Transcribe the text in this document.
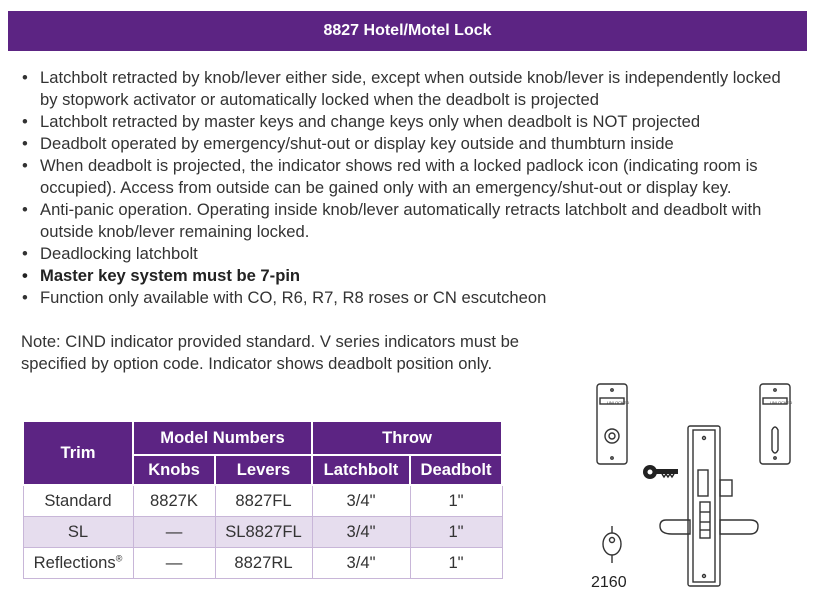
8827 Hotel/Motel Lock
• Latchbolt retracted by knob/lever either side, except when outside knob/lever is independently locked by stopwork activator or automatically locked when the deadbolt is projected
• Latchbolt retracted by master keys and change keys only when deadbolt is NOT projected
• Deadbolt operated by emergency/shut-out or display key outside and thumbturn inside
• When deadbolt is projected, the indicator shows red with a locked padlock icon (indicating room is occupied). Access from outside can be gained only with an emergency/shut-out or display key.
• Anti-panic operation. Operating inside knob/lever automatically retracts latchbolt and deadbolt with outside knob/lever remaining locked.
• Deadlocking latchbolt
• Master key system must be 7-pin
• Function only available with CO, R6, R7, R8 roses or CN escutcheon

Note: CIND indicator provided standard. V series indicators must be specified by option code. Indicator shows deadbolt position only.

Trim	Model Numbers		Throw	
	Knobs	Levers	Latchbolt	Deadbolt
Standard	8827K	8827FL	3/4"	1"
SL	—	SL8827FL	3/4"	1"
Reflections®	—	8827RL	3/4"	1"
UNLOCKED	UNLOCKED
2160
